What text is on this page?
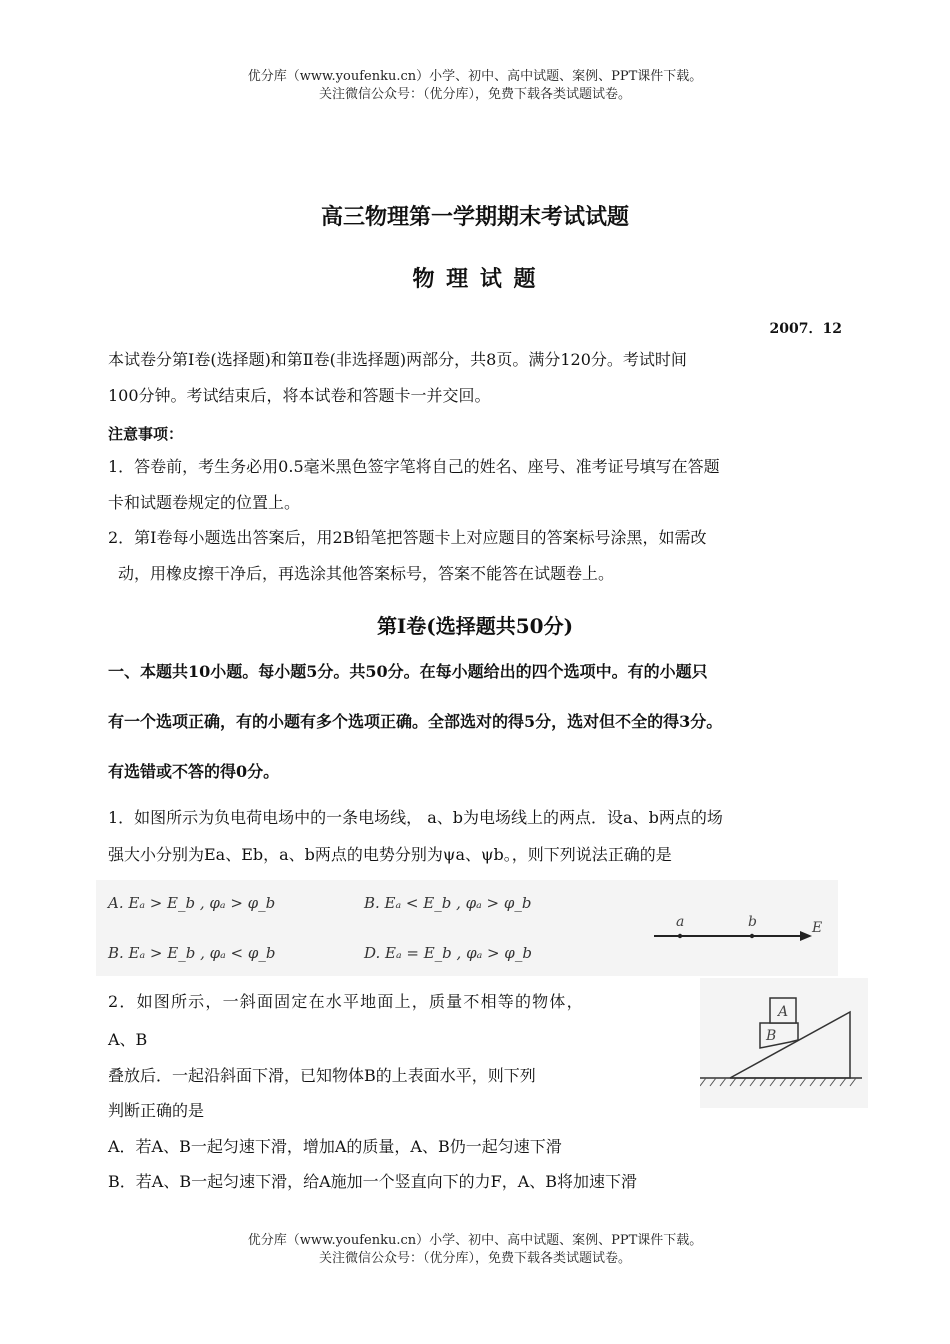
优分库（www.youfenku.cn）小学、初中、高中试题、案例、PPT课件下载。
关注微信公众号：（优分库），免费下载各类试题试卷。
高三物理第一学期期末考试试题
物 理 试 题
2007．12
本试卷分第Ⅰ卷(选择题)和第Ⅱ卷(非选择题)两部分，共8页。满分120分。考试时间
100分钟。考试结束后，将本试卷和答题卡一并交回。
注意事项：
1．答卷前，考生务必用0.5毫米黑色签字笔将自己的姓名、座号、准考证号填写在答题
卡和试题卷规定的位置上。
2．第Ⅰ卷每小题选出答案后，用2B铅笔把答题卡上对应题目的答案标号涂黑，如需改
动，用橡皮擦干净后，再选涂其他答案标号，答案不能答在试题卷上。
第Ⅰ卷(选择题共50分)
一、本题共10小题。每小题5分。共50分。在每小题给出的四个选项中。有的小题只
有一个选项正确，有的小题有多个选项正确。全部选对的得5分，选对但不全的得3分。
有选错或不答的得0分。
1．如图所示为负电荷电场中的一条电场线， a、b为电场线上的两点．设a、b两点的场
强大小分别为Ea、Eb，a、b两点的电势分别为ψa、ψb。，则下列说法正确的是
A. Eₐ > E_b , φₐ > φ_b	B. Eₐ < E_b , φₐ > φ_b
B. Eₐ > E_b , φₐ < φ_b	D. Eₐ = E_b , φₐ > φ_b
a	b	E
2．如图所示，一斜面固定在水平地面上，质量不相等的物体，
A、B
叠放后．一起沿斜面下滑，已知物体B的上表面水平，则下列
判断正确的是
A
B
A．若A、B一起匀速下滑，增加A的质量，A、B仍一起匀速下滑
B．若A、B一起匀速下滑，给A施加一个竖直向下的力F，A、B将加速下滑
优分库（www.youfenku.cn）小学、初中、高中试题、案例、PPT课件下载。
关注微信公众号：（优分库），免费下载各类试题试卷。
